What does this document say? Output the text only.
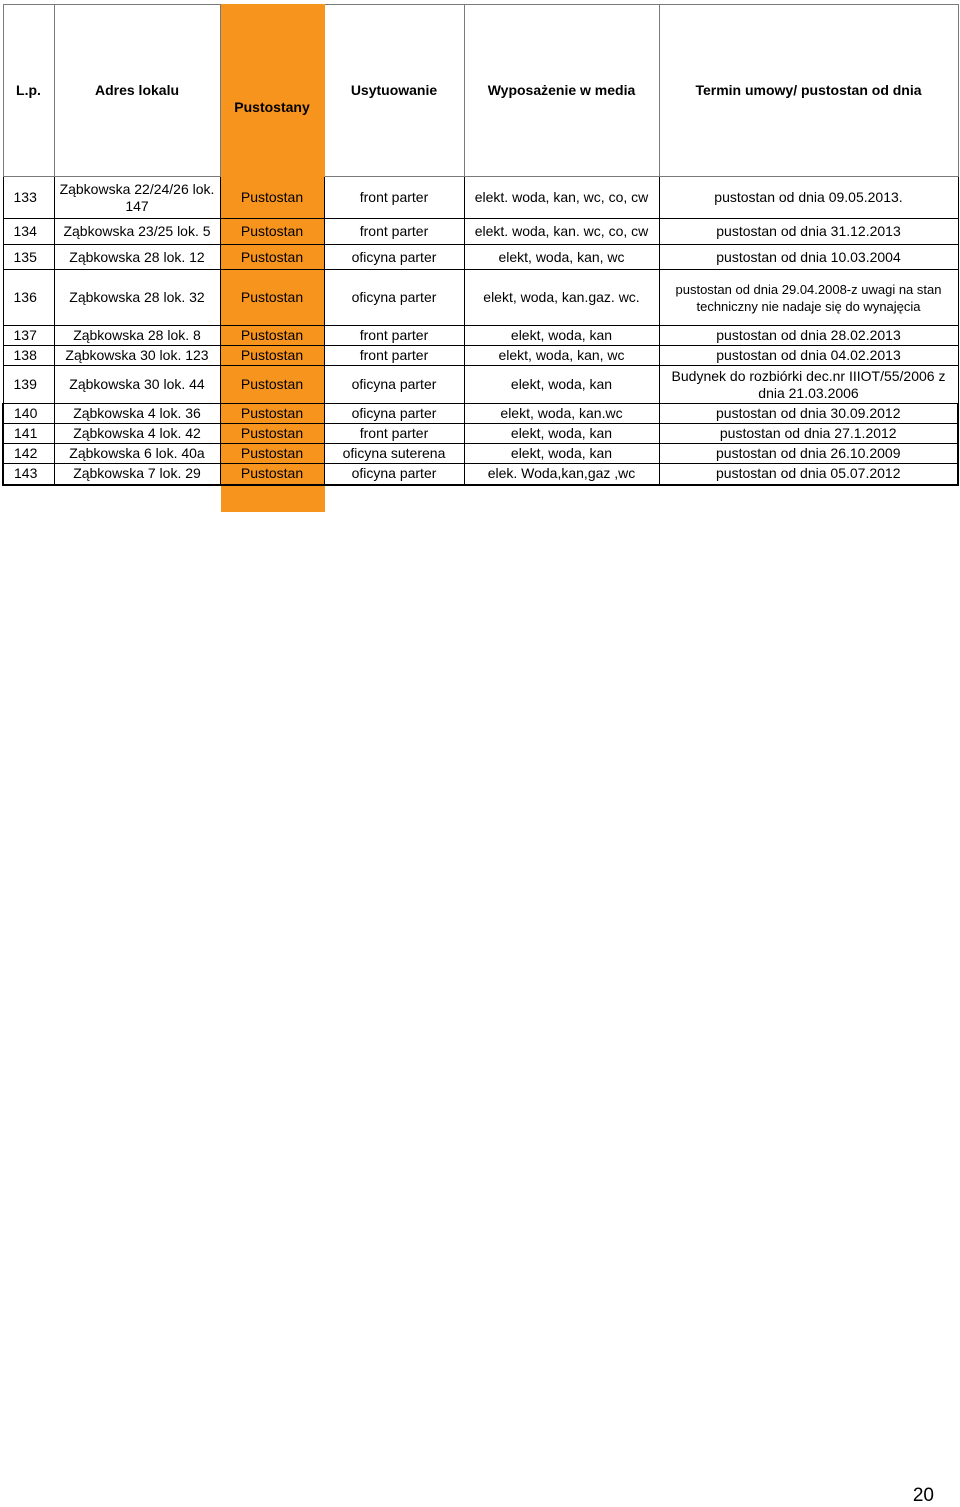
L.p.	Adres lokalu	Pustostany	Usytuowanie	Wyposażenie w media	Termin umowy/ pustostan od dnia
133	Ząbkowska 22/24/26 lok. 147	Pustostan	front parter	elekt. woda, kan, wc, co, cw	pustostan od dnia 09.05.2013.
134	Ząbkowska 23/25 lok. 5	Pustostan	front parter	elekt. woda, kan. wc, co, cw	pustostan od dnia 31.12.2013
135	Ząbkowska 28 lok. 12	Pustostan	oficyna parter	elekt, woda, kan, wc	pustostan od dnia 10.03.2004
136	Ząbkowska 28 lok. 32	Pustostan	oficyna parter	elekt, woda, kan.gaz. wc.	pustostan od dnia 29.04.2008-z uwagi na stan techniczny nie nadaje się do wynajęcia
137	Ząbkowska 28 lok. 8	Pustostan	front parter	elekt, woda, kan	pustostan od dnia 28.02.2013
138	Ząbkowska 30 lok. 123	Pustostan	front parter	elekt, woda, kan, wc	pustostan od dnia 04.02.2013
139	Ząbkowska 30 lok. 44	Pustostan	oficyna parter	elekt, woda, kan	Budynek do rozbiórki dec.nr IIIOT/55/2006 z dnia 21.03.2006
140	Ząbkowska 4 lok. 36	Pustostan	oficyna parter	elekt, woda, kan.wc	pustostan od dnia 30.09.2012
141	Ząbkowska 4 lok. 42	Pustostan	front parter	elekt, woda, kan	pustostan od dnia 27.1.2012
142	Ząbkowska 6 lok. 40a	Pustostan	oficyna suterena	elekt, woda, kan	pustostan od dnia 26.10.2009
143	Ząbkowska 7 lok. 29	Pustostan	oficyna parter	elek. Woda,kan,gaz ,wc	pustostan od dnia 05.07.2012
20
